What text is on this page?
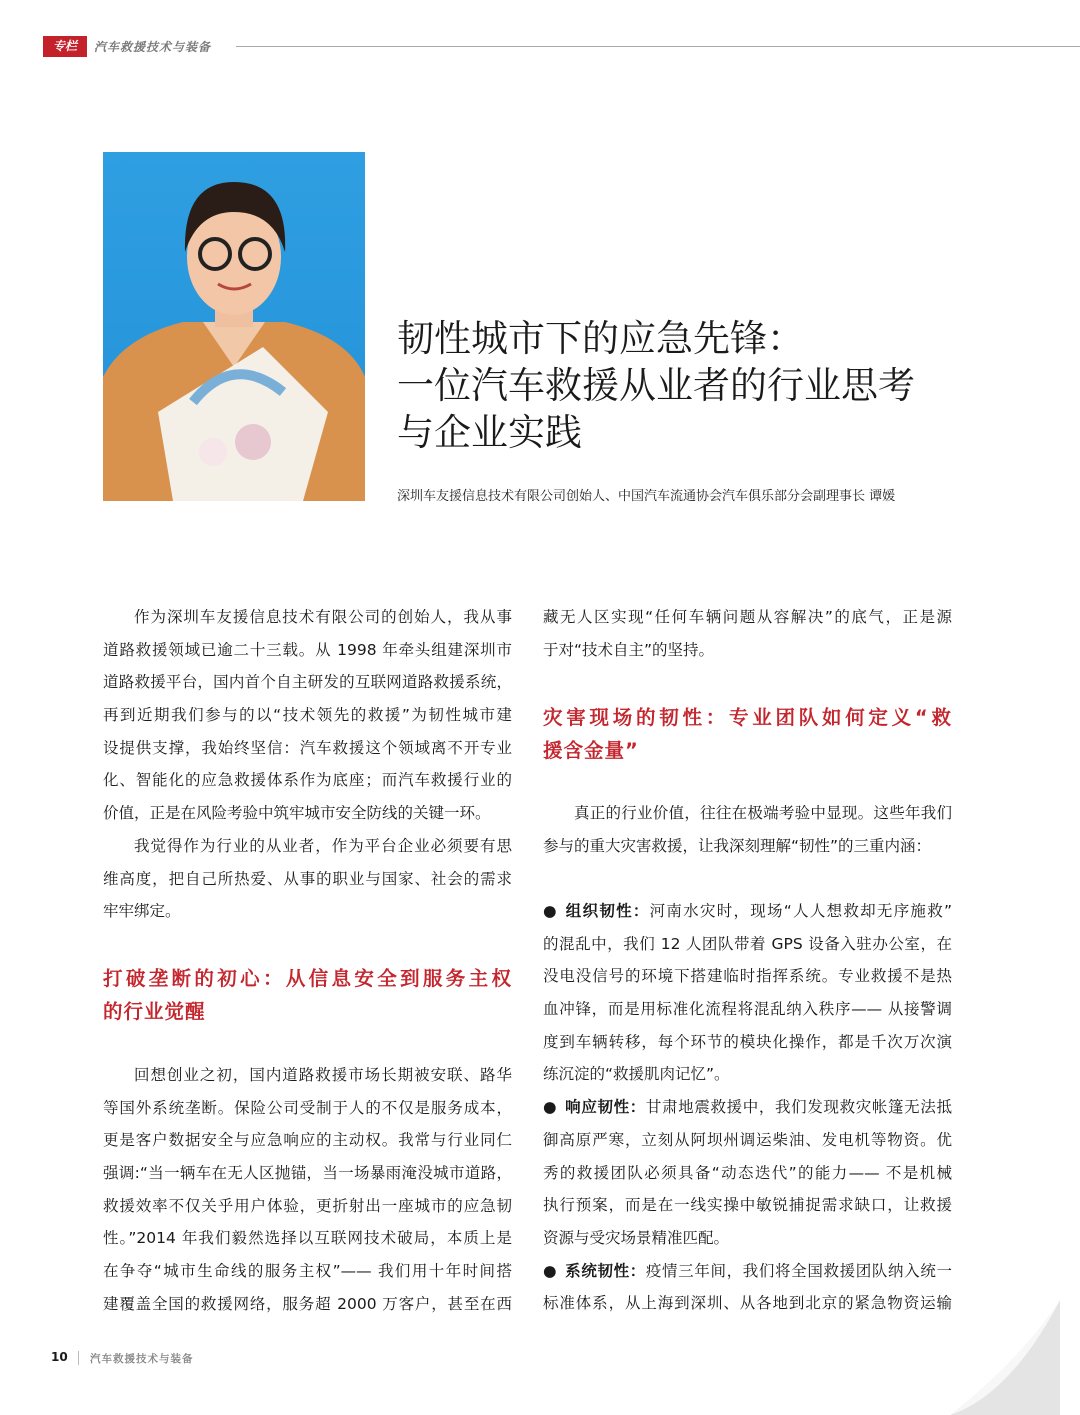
专栏	汽车救援技术与装备
韧性城市下的应急先锋：
一位汽车救援从业者的行业思考
与企业实践
深圳车友援信息技术有限公司创始人、中国汽车流通协会汽车俱乐部分会副理事长 谭媛
作为深圳车友援信息技术有限公司的创始人，我从事
道路救援领域已逾二十三载。从 1998 年牵头组建深圳市
道路救援平台，国内首个自主研发的互联网道路救援系统，
再到近期我们参与的以“技术领先的救援”为韧性城市建
设提供支撑，我始终坚信：汽车救援这个领域离不开专业
化、智能化的应急救援体系作为底座；而汽车救援行业的
价值，正是在风险考验中筑牢城市安全防线的关键一环。
我觉得作为行业的从业者，作为平台企业必须要有思
维高度，把自己所热爱、从事的职业与国家、社会的需求
牢牢绑定。
打破垄断的初心：从信息安全到服务主权
的行业觉醒
回想创业之初，国内道路救援市场长期被安联、路华
等国外系统垄断。保险公司受制于人的不仅是服务成本，
更是客户数据安全与应急响应的主动权。我常与行业同仁
强调:“当一辆车在无人区抛锚，当一场暴雨淹没城市道路，
救援效率不仅关乎用户体验，更折射出一座城市的应急韧
性。”2014 年我们毅然选择以互联网技术破局，本质上是
在争夺“城市生命线的服务主权”—— 我们用十年时间搭
建覆盖全国的救援网络，服务超 2000 万客户，甚至在西
藏无人区实现“任何车辆问题从容解决”的底气，正是源
于对“技术自主”的坚持。
灾害现场的韧性：专业团队如何定义“救
援含金量”
真正的行业价值，往往在极端考验中显现。这些年我们
参与的重大灾害救援，让我深刻理解“韧性”的三重内涵：
● 组织韧性：河南水灾时，现场“人人想救却无序施救”
的混乱中，我们 12 人团队带着 GPS 设备入驻办公室，在
没电没信号的环境下搭建临时指挥系统。专业救援不是热
血冲锋，而是用标准化流程将混乱纳入秩序—— 从接警调
度到车辆转移，每个环节的模块化操作，都是千次万次演
练沉淀的“救援肌肉记忆”。
● 响应韧性：甘肃地震救援中，我们发现救灾帐篷无法抵
御高原严寒，立刻从阿坝州调运柴油、发电机等物资。优
秀的救援团队必须具备“动态迭代”的能力—— 不是机械
执行预案，而是在一线实操中敏锐捕捉需求缺口，让救援
资源与受灾场景精准匹配。
● 系统韧性：疫情三年间，我们将全国救援团队纳入统一
标准体系，从上海到深圳、从各地到北京的紧急物资运输
10 汽车救援技术与装备
